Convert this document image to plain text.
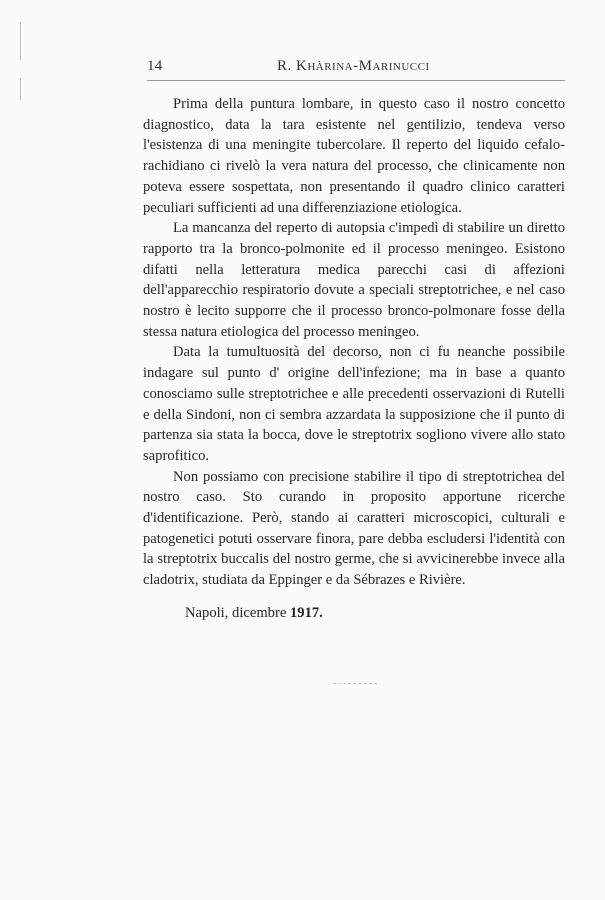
14	R. Khàrina-Marinucci

Prima della puntura lombare, in questo caso il nostro concetto diagnostico, data la tara esistente nel gentilizio, tendeva verso l'esistenza di una meningite tubercolare. Il reperto del liquido cefalo-rachidiano ci rivelò la vera natura del processo, che clinicamente non poteva essere sospettata, non presentando il quadro clinico caratteri peculiari sufficienti ad una differenziazione etiologica.

La mancanza del reperto di autopsia c'impedì di stabilire un diretto rapporto tra la bronco-polmonite ed il processo meningeo. Esistono difatti nella letteratura medica parecchi casi di affezioni dell'apparecchio respiratorio dovute a speciali streptotrichee, e nel caso nostro è lecito supporre che il processo bronco-polmonare fosse della stessa natura etiologica del processo meningeo.

Data la tumultuosità del decorso, non ci fu neanche possibile indagare sul punto d' origine dell'infezione; ma in base a quanto conosciamo sulle streptotrichee e alle precedenti osservazioni di Rutelli e della Sindoni, non ci sembra azzardata la supposizione che il punto di partenza sia stata la bocca, dove le streptotrix sogliono vivere allo stato saprofitico.

Non possiamo con precisione stabilire il tipo di streptotrichea del nostro caso. Sto curando in proposito apportune ricerche d'identificazione. Però, stando ai caratteri microscopici, culturali e patogenetici potuti osservare finora, pare debba escludersi l'identità con la streptotrix buccalis del nostro germe, che si avvicinerebbe invece alla cladotrix, studiata da Eppinger e da Sébrazes e Rivière.

Napoli, dicembre 1917.
